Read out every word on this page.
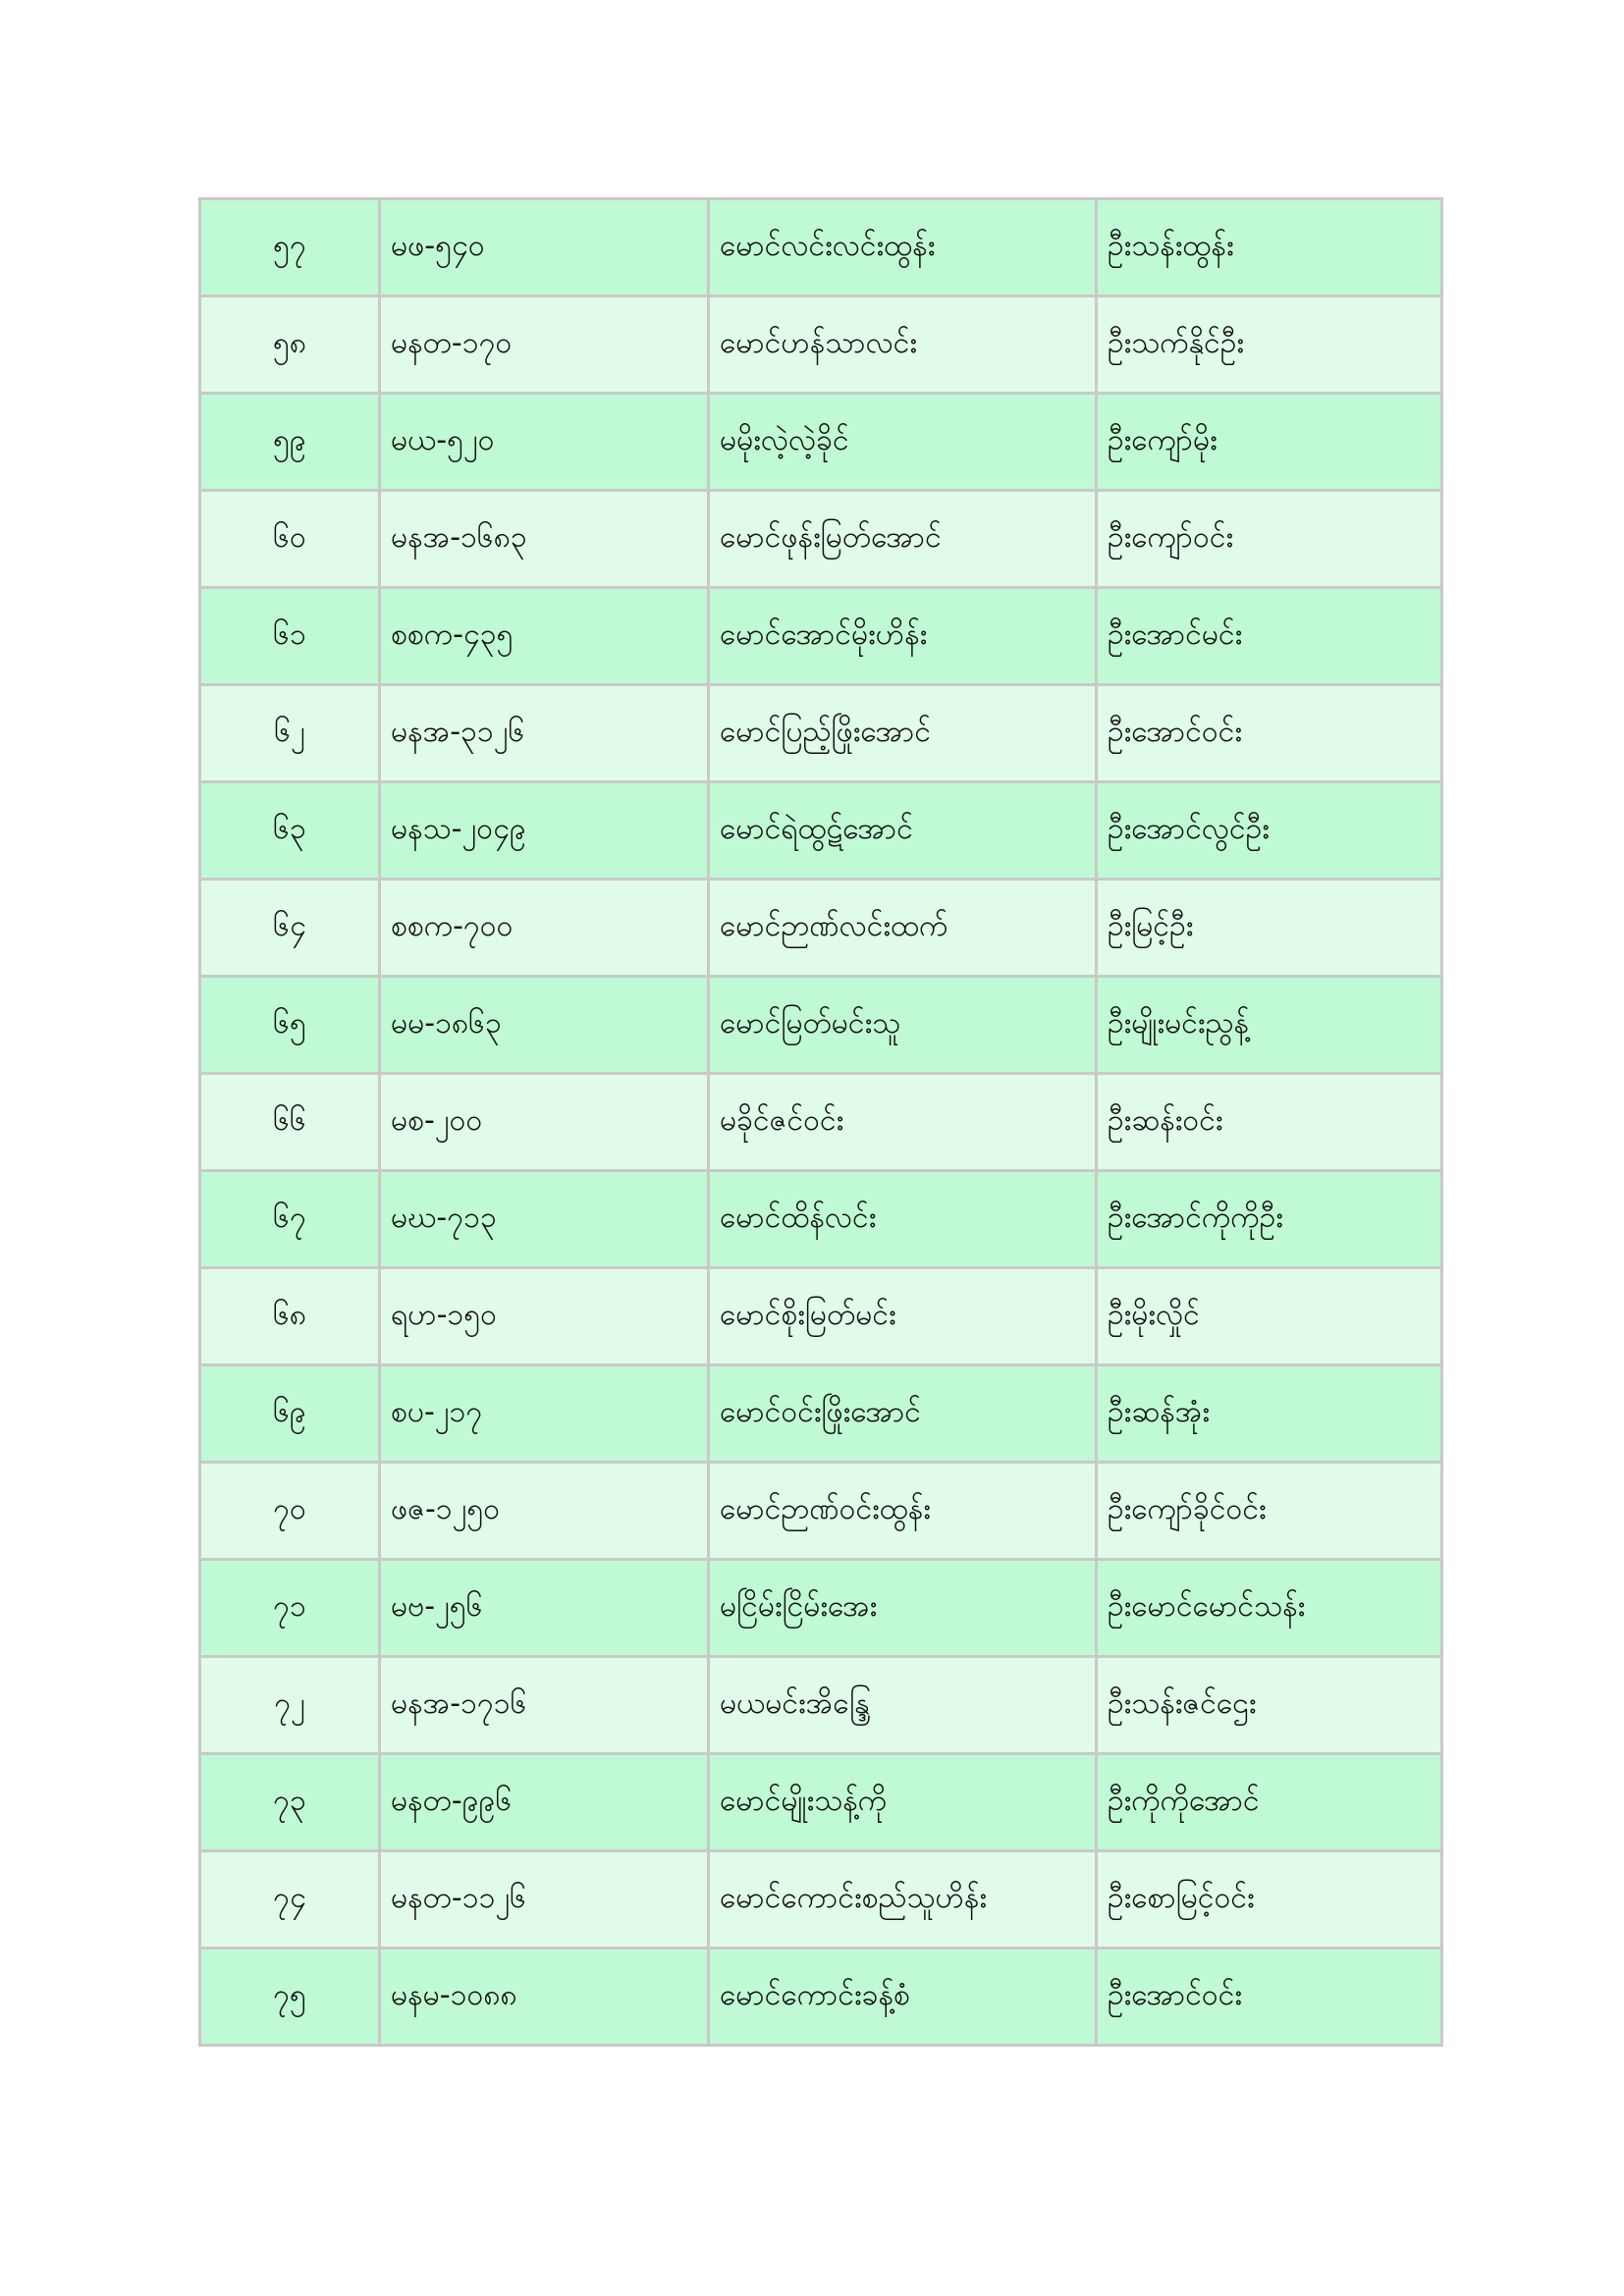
၅၇	မဖ-၅၄၀	မောင်လင်းလင်းထွန်း	ဦးသန်းထွန်း
၅၈	မနတ-၁၇၀	မောင်ဟန်သာလင်း	ဦးသက်နိုင်ဦး
၅၉	မယ-၅၂၀	မမိုးလဲ့လဲ့ခိုင်	ဦးကျော်မိုး
၆၀	မနအ-၁၆၈၃	မောင်ဖုန်းမြတ်အောင်	ဦးကျော်ဝင်း
၆၁	စစက-၄၃၅	မောင်အောင်မိုးဟိန်း	ဦးအောင်မင်း
၆၂	မနအ-၃၁၂၆	မောင်ပြည့်ဖြိုးအောင်	ဦးအောင်ဝင်း
၆၃	မနသ-၂၀၄၉	မောင်ရဲထွဋ်အောင်	ဦးအောင်လွင်ဦး
၆၄	စစက-၇၀၀	မောင်ဉာဏ်လင်းထက်	ဦးမြင့်ဦး
၆၅	မမ-၁၈၆၃	မောင်မြတ်မင်းသူ	ဦးမျိုးမင်းညွန့်
၆၆	မစ-၂၀၀	မခိုင်ဇင်ဝင်း	ဦးဆန်းဝင်း
၆၇	မဃ-၇၁၃	မောင်ထိန်လင်း	ဦးအောင်ကိုကိုဦး
၆၈	ရဟ-၁၅၀	မောင်စိုးမြတ်မင်း	ဦးမိုးလှိုင်
၆၉	စပ-၂၁၇	မောင်ဝင်းဖြိုးအောင်	ဦးဆန်အုံး
၇၀	ဖဇ-၁၂၅၀	မောင်ဉာဏ်ဝင်းထွန်း	ဦးကျော်ခိုင်ဝင်း
၇၁	မဗ-၂၅၆	မငြိမ်းငြိမ်းအေး	ဦးမောင်မောင်သန်း
၇၂	မနအ-၁၇၁၆	မယမင်းအိန္ဒြေ	ဦးသန်းဇင်ဌေး
၇၃	မနတ-၉၉၆	မောင်မျိုးသန့်ကို	ဦးကိုကိုအောင်
၇၄	မနတ-၁၁၂၆	မောင်ကောင်းစည်သူဟိန်း	ဦးစောမြင့်ဝင်း
၇၅	မနမ-၁၀၈၈	မောင်ကောင်းခန့်စံ	ဦးအောင်ဝင်း
